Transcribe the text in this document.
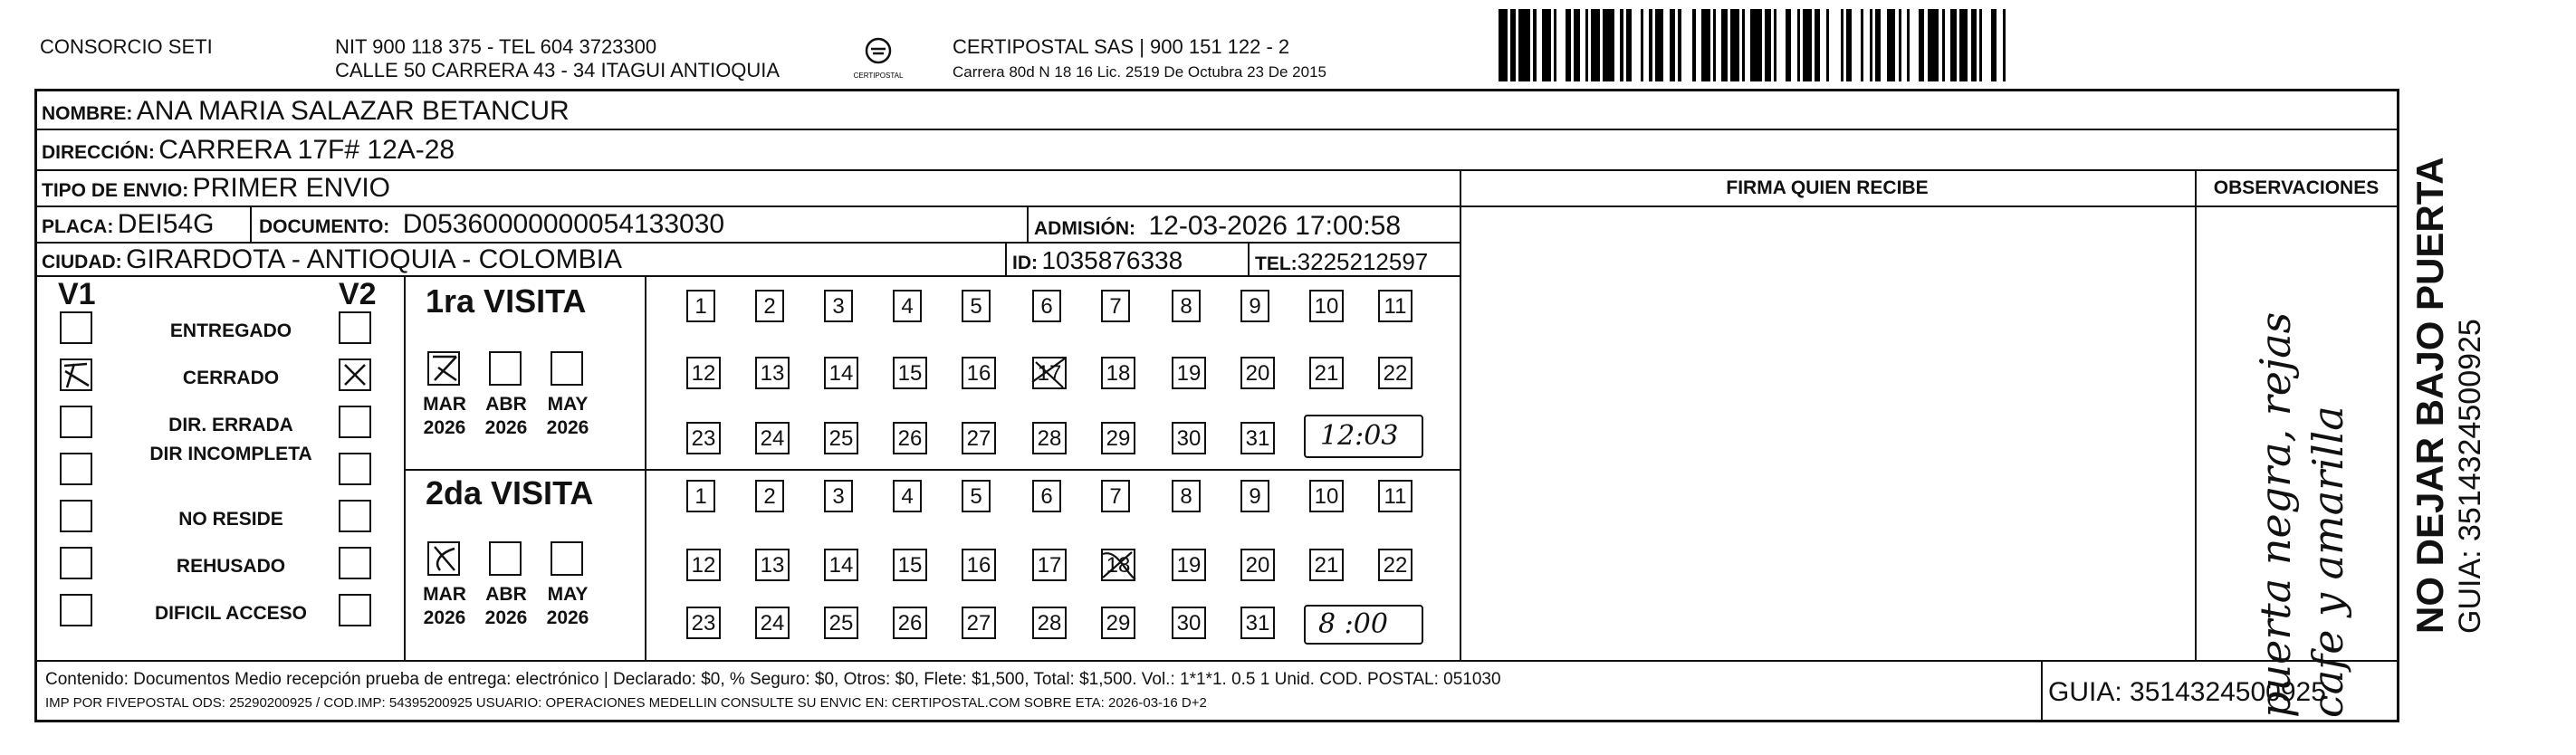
CONSORCIO SETI	NIT 900 118 375 - TEL 604 3723300
CALLE 50 CARRERA 43 - 34 ITAGUI ANTIOQUIA	CERTIPOSTAL
CERTIPOSTAL SAS | 900 151 122 - 2
Carrera 80d N 18 16 Lic. 2519 De Octubra 23 De 2015
NOMBRE: ANA MARIA SALAZAR BETANCUR
DIRECCIÓN: CARRERA 17F# 12A-28
TIPO DE ENVIO: PRIMER ENVIO
PLACA: DEI54G DOCUMENTO: D05360000000054133030	ADMISIÓN: 12-03-2026 17:00:58
CIUDAD: GIRARDOTA - ANTIOQUIA - COLOMBIA	ID: 1035876338	TEL:3225212597
FIRMA QUIEN RECIBE	OBSERVACIONES
V1	V2
ENTREGADO
CERRADO
DIR. ERRADA
DIR INCOMPLETA
NO RESIDE
REHUSADO
DIFICIL ACCESO
1ra VISITA
2da VISITA
MAR
2026
ABR
2026
MAY
2026
MAR
2026
ABR
2026
MAY
2026
1	2	3	4	5	6	7	8	9	10 11
12 13 14 15 16 17 18 19 20 21 22
23 24 25 26 27 28 29 30 31
1	2	3	4	5	6	7	8	9	10 11
12 13 14 15 16 17 18 19 20 21 22
23 24 25 26 27 28 29 30 31
12:03
8 :00	puerta negra, rejas cafe y amarilla
Contenido: Documentos Medio recepción prueba de entrega: electrónico | Declarado: $0, % Seguro: $0, Otros: $0, Flete: $1,500, Total: $1,500. Vol.: 1*1*1. 0.5 1 Unid. COD. POSTAL: 051030
IMP POR FIVEPOSTAL ODS: 25290200925 / COD.IMP: 54395200925 USUARIO: OPERACIONES MEDELLIN CONSULTE SU ENVIC EN: CERTIPOSTAL.COM SOBRE ETA: 2026-03-16 D+2	GUIA: 3514324500925
NO DEJAR BAJO PUERTA GUIA: 3514324500925
